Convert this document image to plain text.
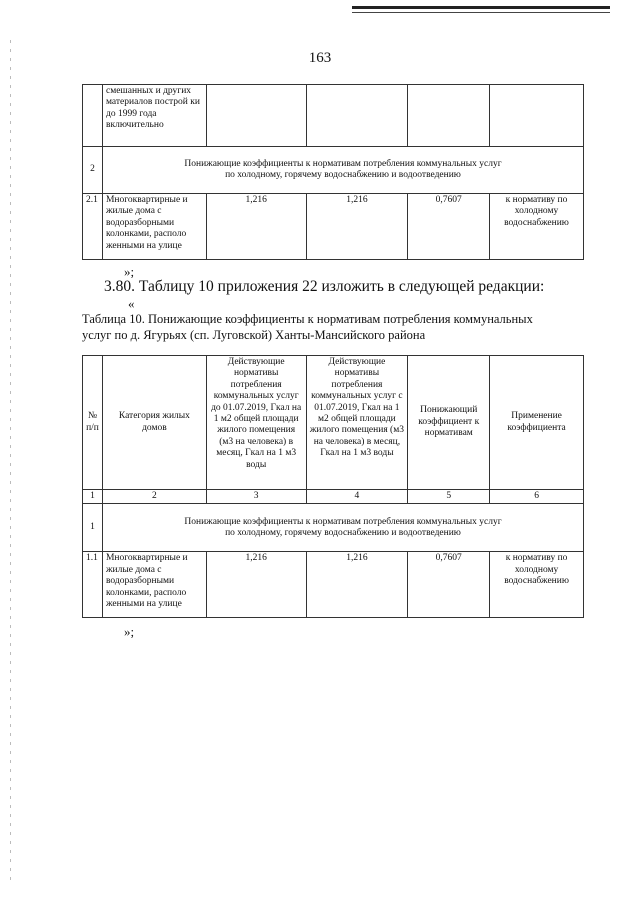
163
	смешанных и других материалов построй ки до 1999 года включительно				
2	Понижающие коэффициенты к нормативам потребления коммунальных услуг
по холодному, горячему водоснабжению и водоотведению				

2.1	Многоквартирные и жилые дома с водоразборными колонками, располо женными на улице	1,216	1,216	0,7607	к нормативу по холодному водоснабжению
»;
3.80. Таблицу 10 приложения 22 изложить в следующей редакции:
«
Таблица 10. Понижающие коэффициенты к нормативам потребления коммунальных
услуг по д. Ягурьях (сп. Луговской) Ханты-Мансийского района
№ п/п	Категория жилых домов	Действующие нормативы потребления коммунальных услуг до 01.07.2019, Гкал на 1 м2 общей площади жилого помещения (м3 на человека) в месяц, Гкал на 1 м3 воды	Действующие нормативы потребления коммунальных услуг с 01.07.2019, Гкал на 1 м2 общей площади жилого помещения (м3 на человека) в месяц, Гкал на 1 м3 воды	Понижающий коэффициент к нормативам	Применение коэффициента
1	2	3	4	5	6
1	Понижающие коэффициенты к нормативам потребления коммунальных услуг
по холодному, горячему водоснабжению и водоотведению				

1.1	Многоквартирные и жилые дома с водоразборными колонками, располо женными на улице	1,216	1,216	0,7607	к нормативу по холодному водоснабжению
»;
